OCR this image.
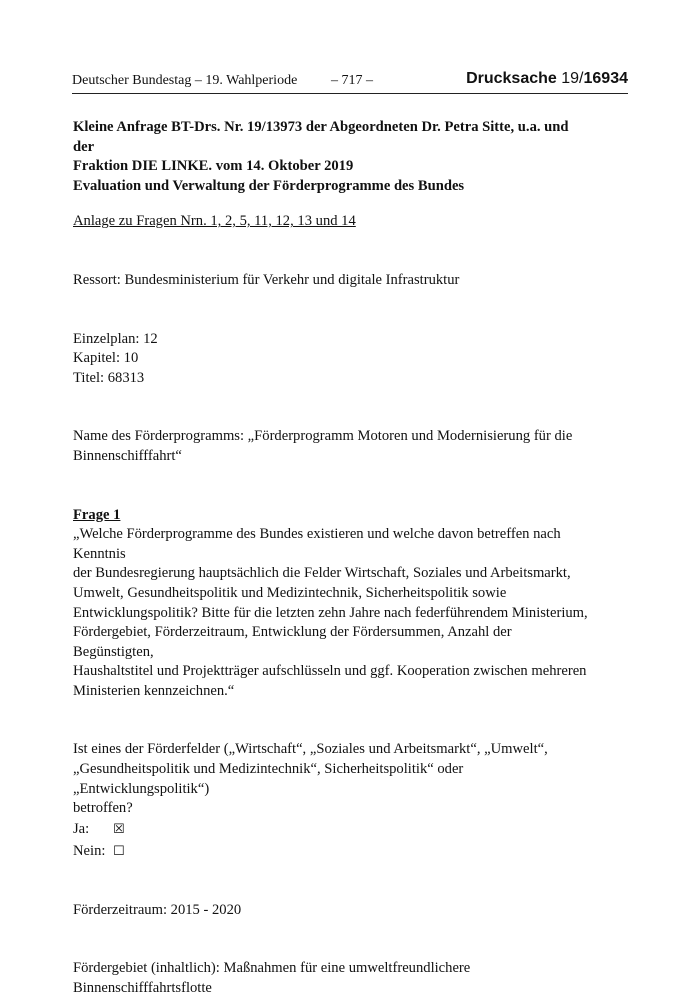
Deutscher Bundestag – 19. Wahlperiode – 717 –	Drucksache 19/16934
Kleine Anfrage BT-Drs. Nr. 19/13973 der Abgeordneten Dr. Petra Sitte, u.a. und der
Fraktion DIE LINKE. vom 14. Oktober 2019
Evaluation und Verwaltung der Förderprogramme des Bundes
Anlage zu Fragen Nrn. 1, 2, 5, 11, 12, 13 und 14
Ressort: Bundesministerium für Verkehr und digitale Infrastruktur
Einzelplan: 12
Kapitel: 10
Titel: 68313
Name des Förderprogramms: „Förderprogramm Motoren und Modernisierung für die
Binnenschifffahrt“
Frage 1
„Welche Förderprogramme des Bundes existieren und welche davon betreffen nach Kenntnis
der Bundesregierung hauptsächlich die Felder Wirtschaft, Soziales und Arbeitsmarkt,
Umwelt, Gesundheitspolitik und Medizintechnik, Sicherheitspolitik sowie
Entwicklungspolitik? Bitte für die letzten zehn Jahre nach federführendem Ministerium,
Fördergebiet, Förderzeitraum, Entwicklung der Fördersummen, Anzahl der Begünstigten,
Haushaltstitel und Projektträger aufschlüsseln und ggf. Kooperation zwischen mehreren
Ministerien kennzeichnen.“
Ist eines der Förderfelder („Wirtschaft“, „Soziales und Arbeitsmarkt“, „Umwelt“,
„Gesundheitspolitik und Medizintechnik“, Sicherheitspolitik“ oder „Entwicklungspolitik“)
betroffen?
Ja:	☒
Nein: ☐
Förderzeitraum: 2015 - 2020
Fördergebiet (inhaltlich): Maßnahmen für eine umweltfreundlichere Binnenschifffahrtsflotte
